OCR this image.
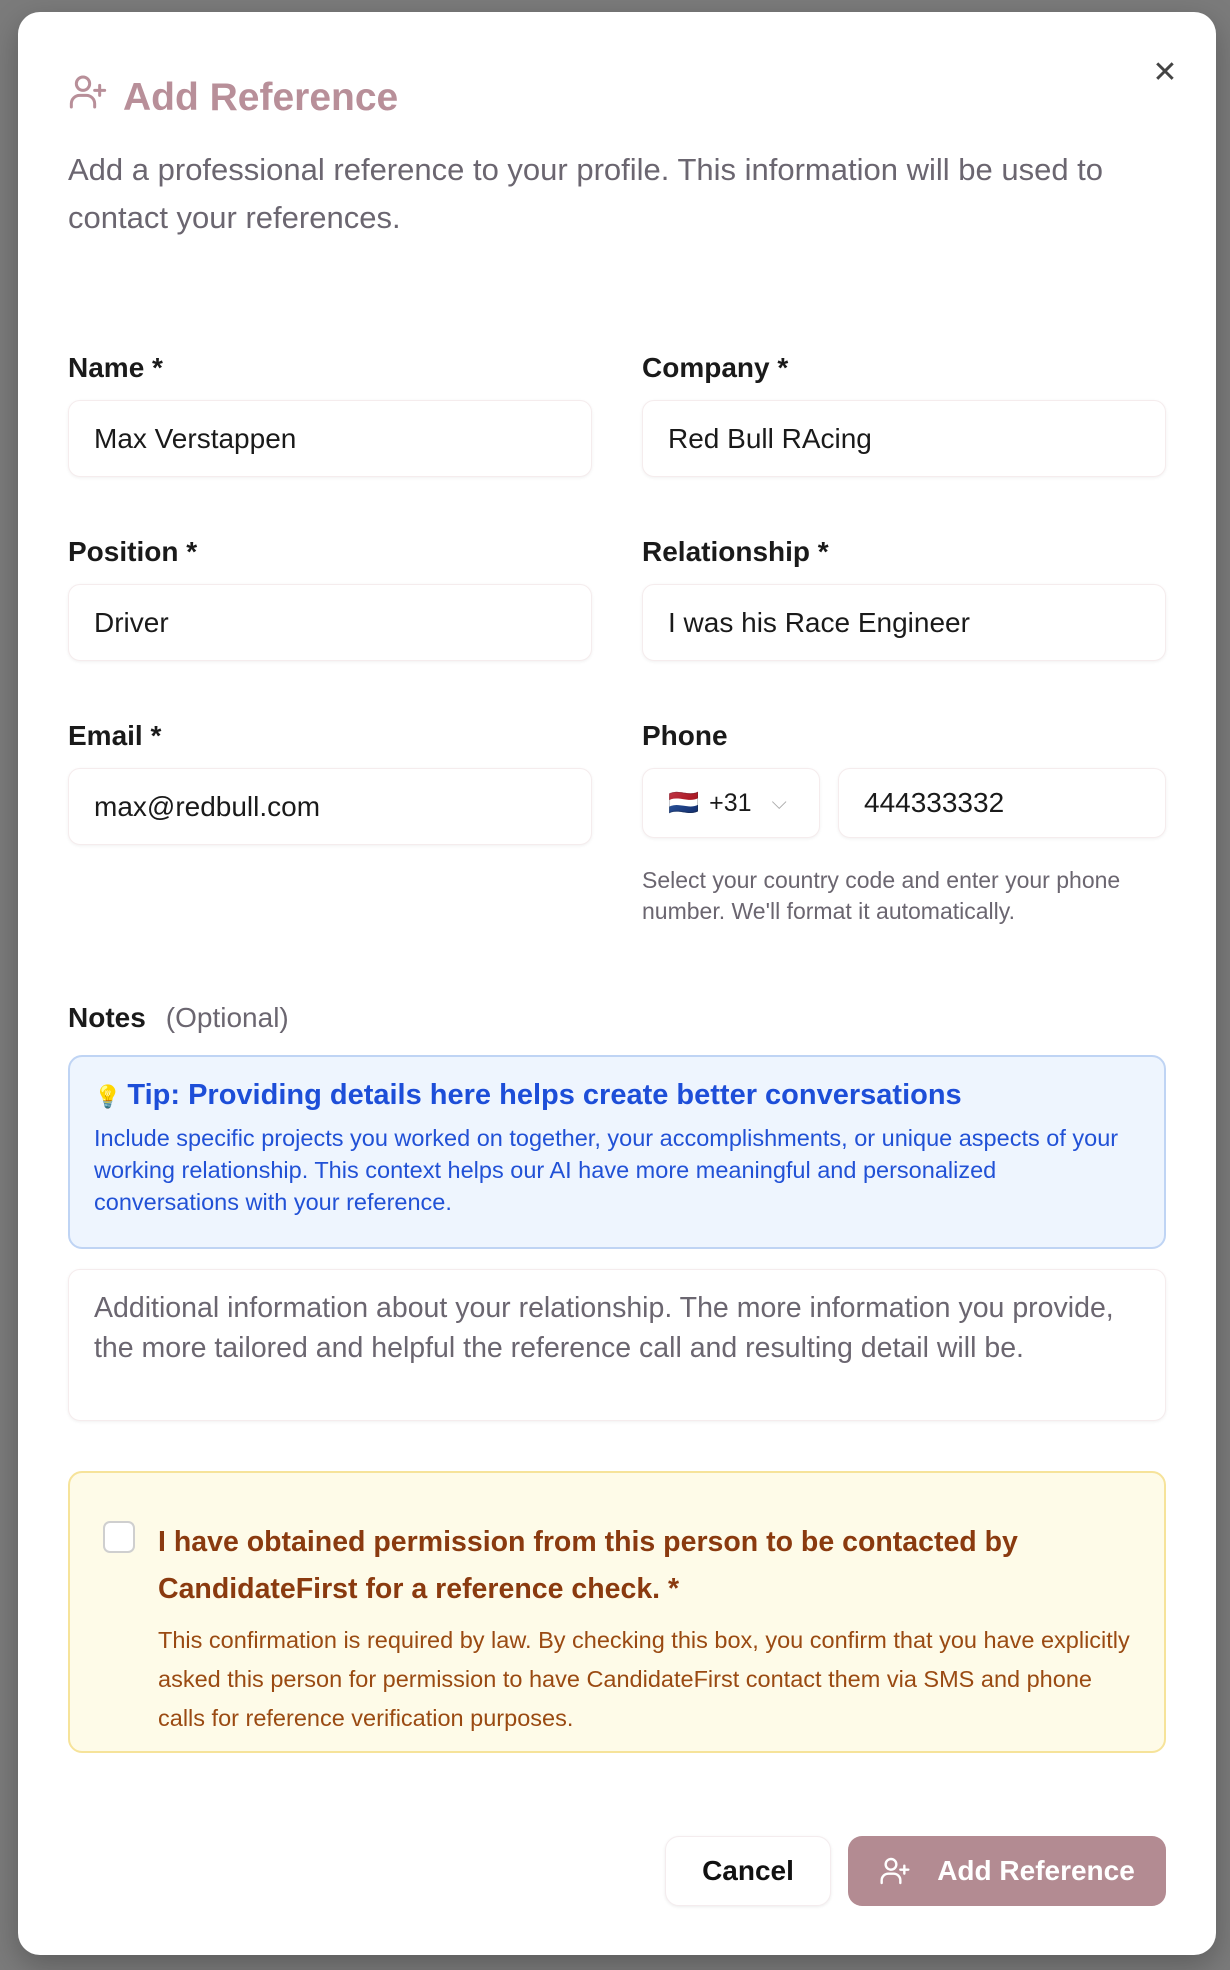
Add Reference
✕
Add a professional reference to your profile. This information will be used to contact your references.
Name *
Max Verstappen
Company *
Red Bull RAcing
Position *
Driver
Relationship *
I was his Race Engineer
Email *
max@redbull.com
Phone
🇳🇱 +31 ⌵	444333332
Select your country code and enter your phone number. We'll format it automatically.
Notes (Optional)
💡 Tip: Providing details here helps create better conversations
Include specific projects you worked on together, your accomplishments, or unique aspects of your working relationship. This context helps our AI have more meaningful and personalized conversations with your reference.
Additional information about your relationship. The more information you provide, the more tailored and helpful the reference call and resulting detail will be.
I have obtained permission from this person to be contacted by CandidateFirst for a reference check. *
This confirmation is required by law. By checking this box, you confirm that you have explicitly asked this person for permission to have CandidateFirst contact them via SMS and phone calls for reference verification purposes.
Cancel	Add Reference
